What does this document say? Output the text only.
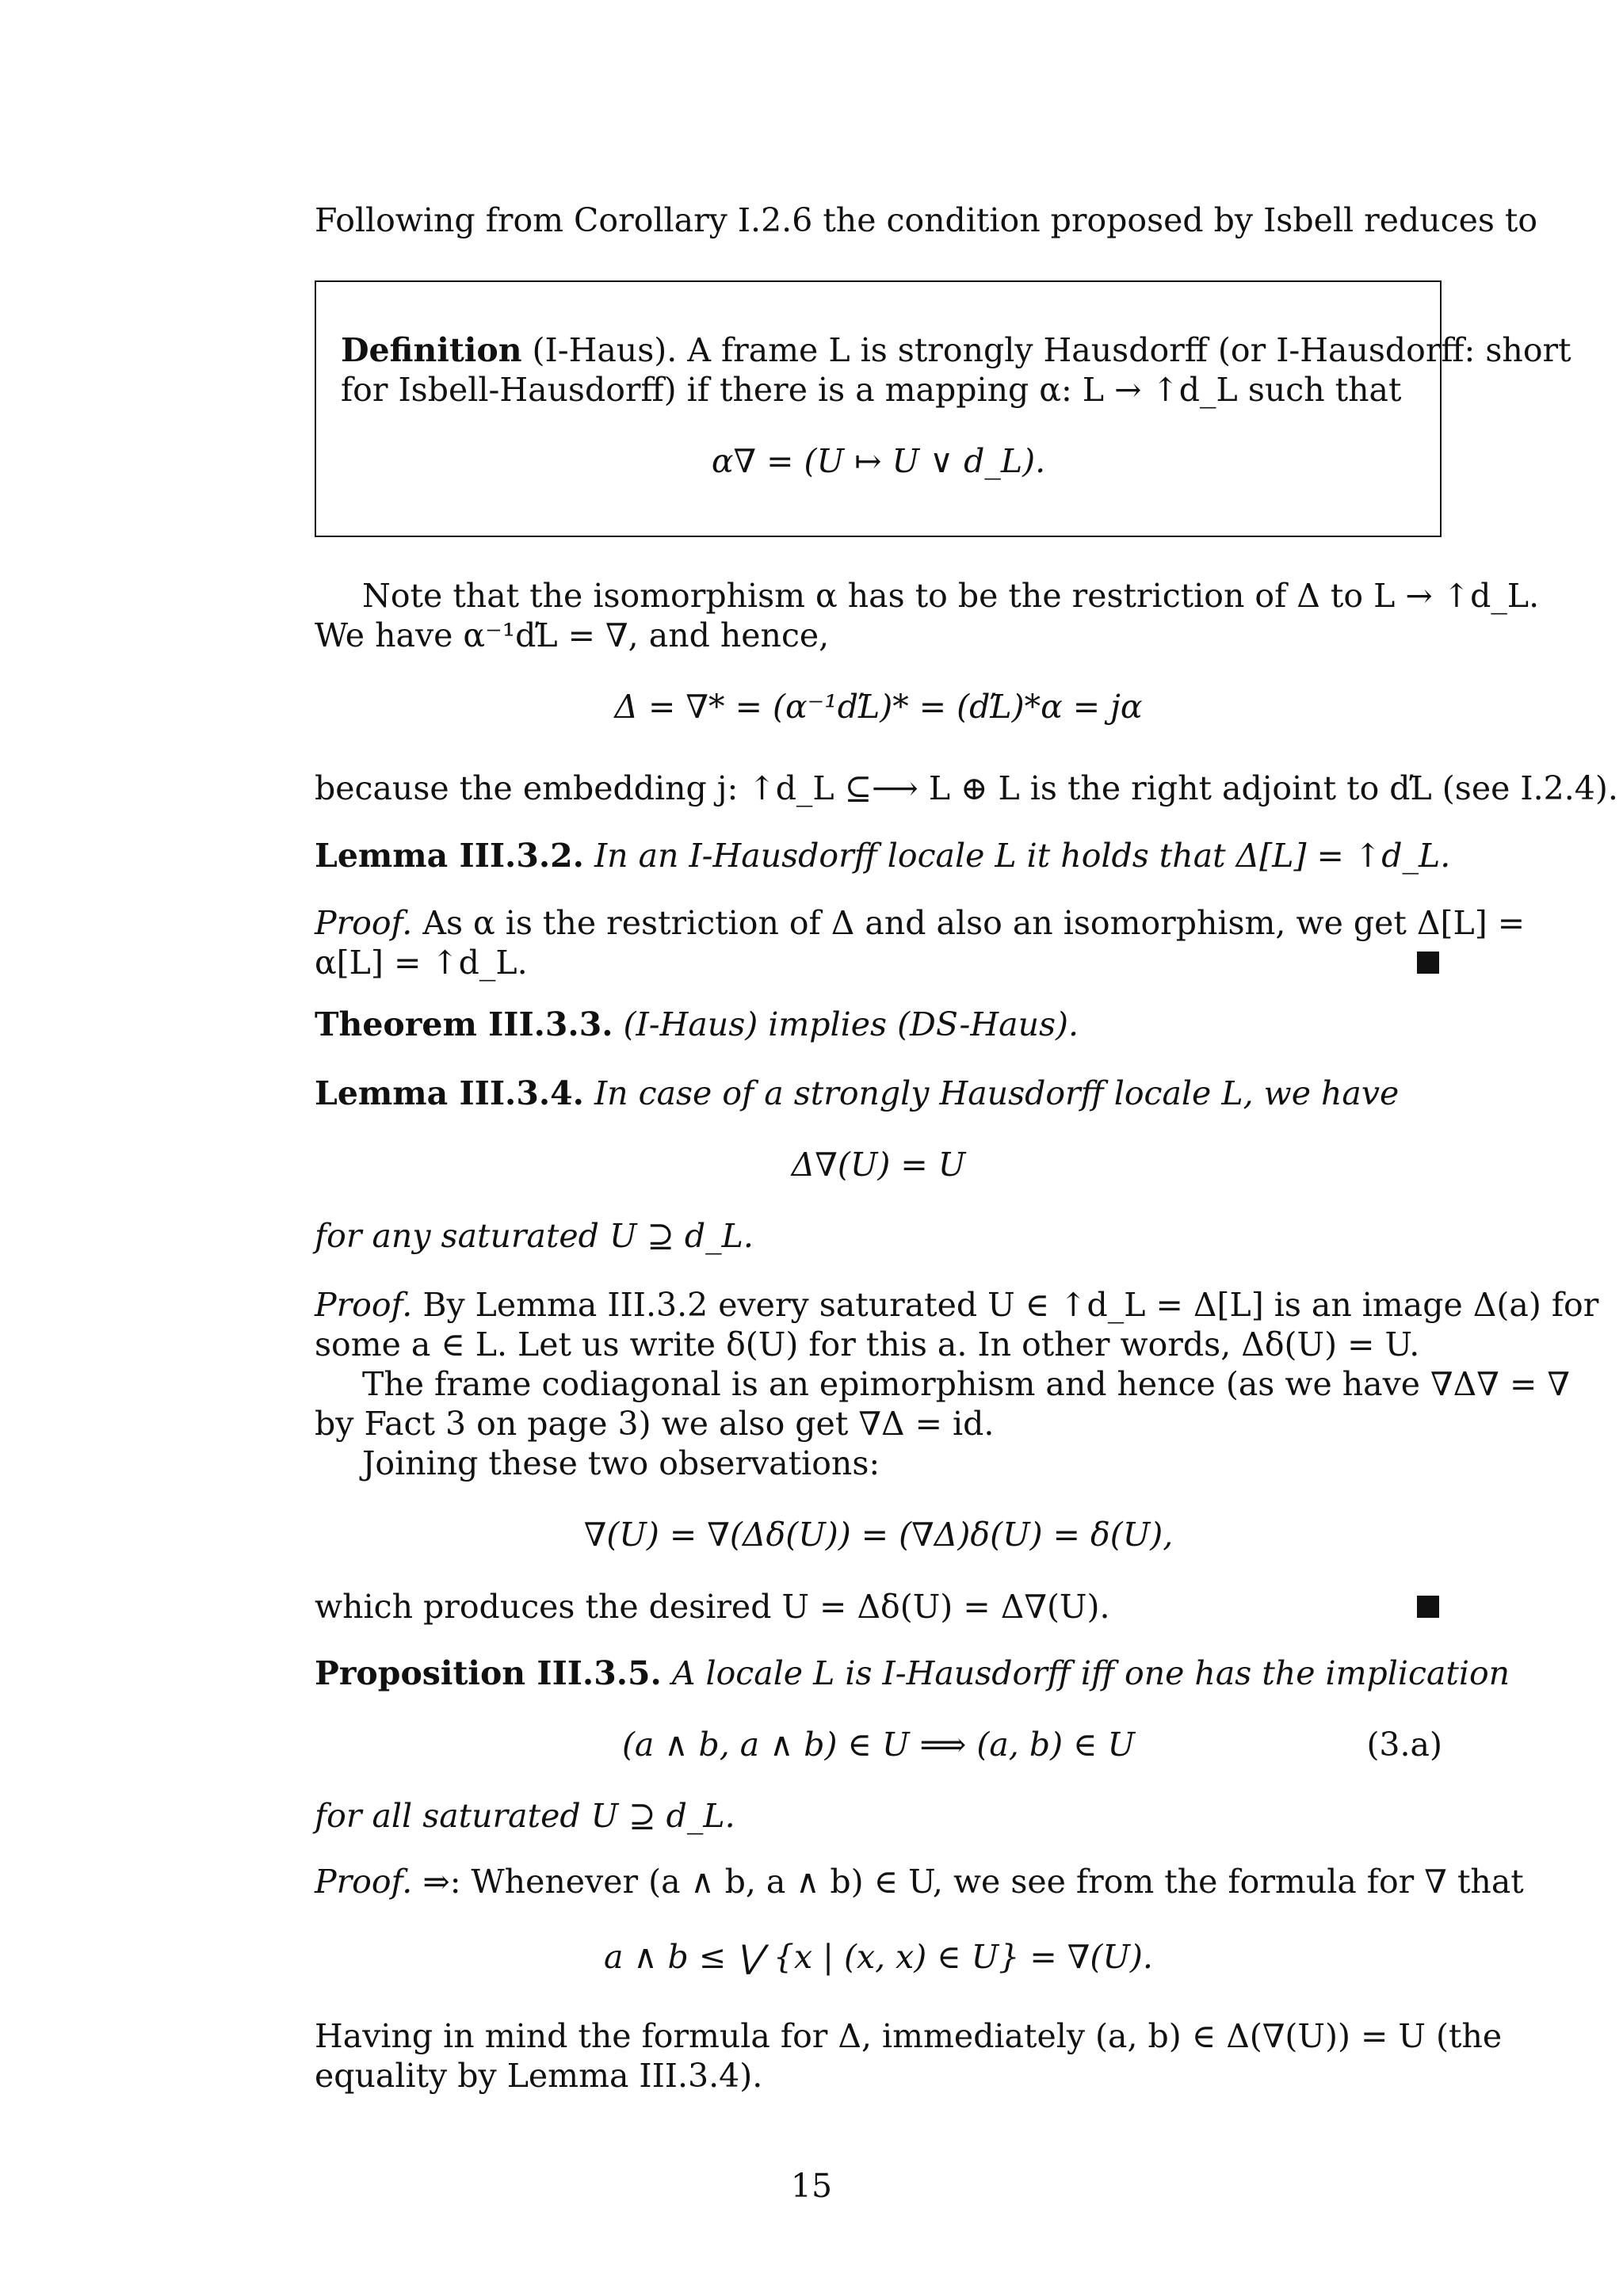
Following from Corollary I.2.6 the condition proposed by Isbell reduces to
Definition (I-Haus). A frame L is strongly Hausdorff (or I-Hausdorff: short
for Isbell-Hausdorff) if there is a mapping α: L → ↑d_L such that
α∇ = (U ↦ U ∨ d_L).
Note that the isomorphism α has to be the restriction of Δ to L → ↑d_L.
We have α⁻¹ďL = ∇, and hence,
Δ = ∇* = (α⁻¹ďL)* = (ďL)*α = jα
because the embedding j: ↑d_L ⊆⟶ L ⊕ L is the right adjoint to ďL (see I.2.4).
Lemma III.3.2. In an I-Hausdorff locale L it holds that Δ[L] = ↑d_L.
Proof. As α is the restriction of Δ and also an isomorphism, we get Δ[L] =
α[L] = ↑d_L.
Theorem III.3.3. (I-Haus) implies (DS-Haus).
Lemma III.3.4. In case of a strongly Hausdorff locale L, we have
Δ∇(U) = U
for any saturated U ⊇ d_L.
Proof. By Lemma III.3.2 every saturated U ∈ ↑d_L = Δ[L] is an image Δ(a) for
some a ∈ L. Let us write δ(U) for this a. In other words, Δδ(U) = U.
The frame codiagonal is an epimorphism and hence (as we have ∇Δ∇ = ∇
by Fact 3 on page 3) we also get ∇Δ = id.
Joining these two observations:
∇(U) = ∇(Δδ(U)) = (∇Δ)δ(U) = δ(U),
which produces the desired U = Δδ(U) = Δ∇(U).
Proposition III.3.5. A locale L is I-Hausdorff iff one has the implication
(a ∧ b, a ∧ b) ∈ U ⟹ (a, b) ∈ U	(3.a)
for all saturated U ⊇ d_L.
Proof. ⇒: Whenever (a ∧ b, a ∧ b) ∈ U, we see from the formula for ∇ that
a ∧ b ≤ ⋁ {x | (x, x) ∈ U} = ∇(U).
Having in mind the formula for Δ, immediately (a, b) ∈ Δ(∇(U)) = U (the
equality by Lemma III.3.4).
15
